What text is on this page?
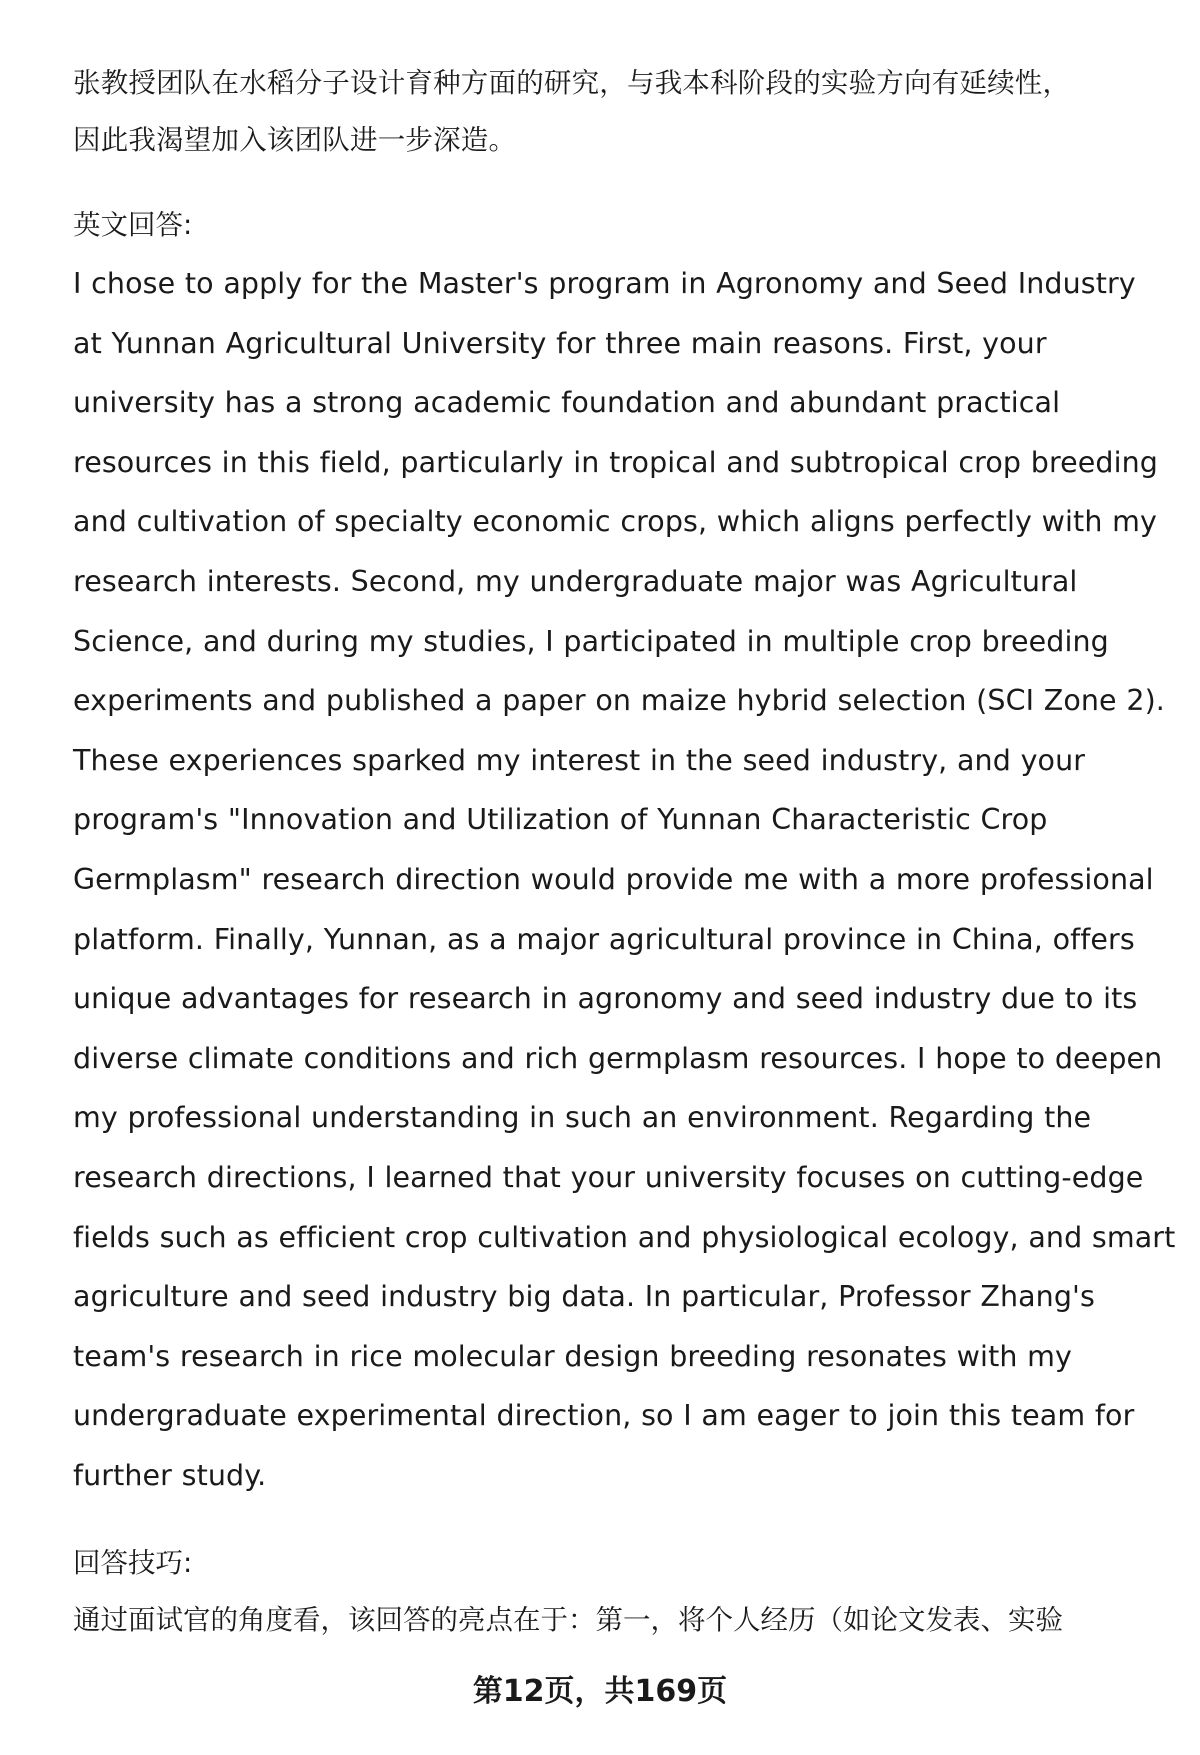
张教授团队在水稻分子设计育种方面的研究，与我本科阶段的实验方向有延续性，
因此我渴望加入该团队进一步深造。

英文回答:

I chose to apply for the Master's program in Agronomy and Seed Industry
at Yunnan Agricultural University for three main reasons. First, your
university has a strong academic foundation and abundant practical
resources in this field, particularly in tropical and subtropical crop breeding
and cultivation of specialty economic crops, which aligns perfectly with my
research interests. Second, my undergraduate major was Agricultural
Science, and during my studies, I participated in multiple crop breeding
experiments and published a paper on maize hybrid selection (SCI Zone 2).
These experiences sparked my interest in the seed industry, and your
program's "Innovation and Utilization of Yunnan Characteristic Crop
Germplasm" research direction would provide me with a more professional
platform. Finally, Yunnan, as a major agricultural province in China, offers
unique advantages for research in agronomy and seed industry due to its
diverse climate conditions and rich germplasm resources. I hope to deepen
my professional understanding in such an environment. Regarding the
research directions, I learned that your university focuses on cutting-edge
fields such as efficient crop cultivation and physiological ecology, and smart
agriculture and seed industry big data. In particular, Professor Zhang's
team's research in rice molecular design breeding resonates with my
undergraduate experimental direction, so I am eager to join this team for
further study.

回答技巧:

通过面试官的角度看，该回答的亮点在于：第一，将个人经历（如论文发表、实验

第12页，共169页
